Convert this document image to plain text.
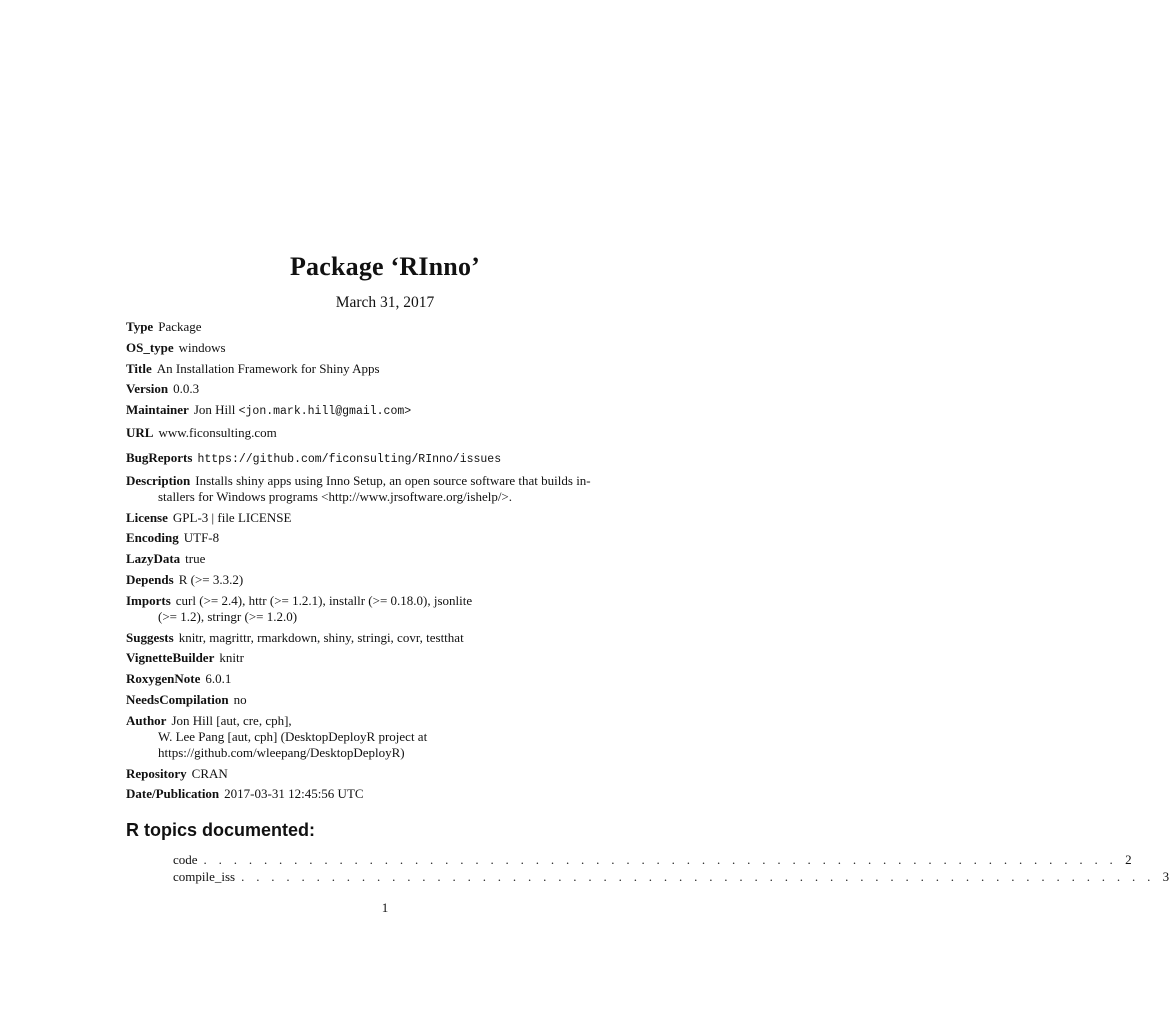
Package ‘RInno’
March 31, 2017
Type Package
OS_type windows
Title An Installation Framework for Shiny Apps
Version 0.0.3
Maintainer Jon Hill <jon.mark.hill@gmail.com>
URL www.ficonsulting.com
BugReports https://github.com/ficonsulting/RInno/issues
Description Installs shiny apps using Inno Setup, an open source software that builds in-
stallers for Windows programs <http://www.jrsoftware.org/ishelp/>.
License GPL-3 | file LICENSE
Encoding UTF-8
LazyData true
Depends R (>= 3.3.2)
Imports curl (>= 2.4), httr (>= 1.2.1), installr (>= 0.18.0), jsonlite
(>= 1.2), stringr (>= 1.2.0)
Suggests knitr, magrittr, rmarkdown, shiny, stringi, covr, testthat
VignetteBuilder knitr
RoxygenNote 6.0.1
NeedsCompilation no
Author Jon Hill [aut, cre, cph],
W. Lee Pang [aut, cph] (DesktopDeployR project at
https://github.com/wleepang/DesktopDeployR)
Repository CRAN
Date/Publication 2017-03-31 12:45:56 UTC
R topics documented:
code . . . . . . . . . . . . . . . . . . . . . . . . . . . . . . . . . . . . . . . . . . . . . . . . . . . . . . . . . . . . . 2
compile_iss . . . . . . . . . . . . . . . . . . . . . . . . . . . . . . . . . . . . . . . . . . . . . . . . . . . . . . . . . . . . . 3
1
